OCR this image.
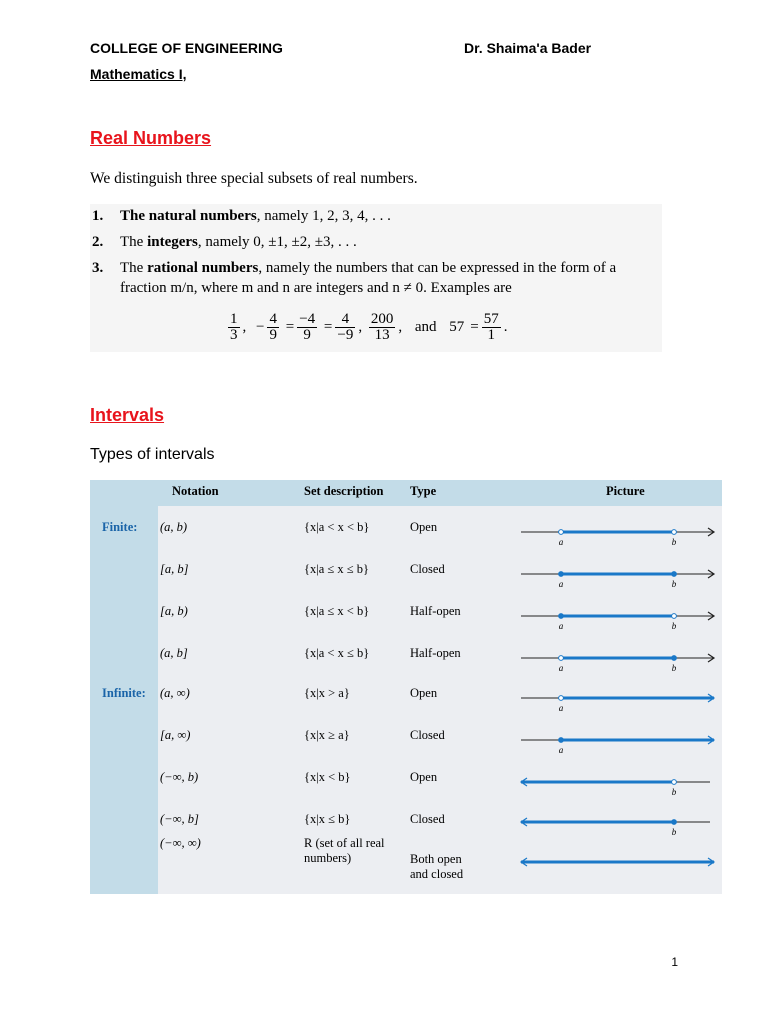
COLLEGE OF ENGINEERING	Dr. Shaima'a Bader
Mathematics I,
Real Numbers
We distinguish three special subsets of real numbers.
1. The natural numbers, namely 1, 2, 3, 4, . . .
2. The integers, namely 0, ±1, ±2, ±3, . . .
3. The rational numbers, namely the numbers that can be expressed in the form of a
fraction m/n, where m and n are integers and n ≠ 0. Examples are
$\frac{1}{3}$ , − $\frac{4}{9} = \frac{-4}{9} = \frac{4}{-9}$ , $\frac{200}{13}$ , and $57 = \frac{57}{1}$ .
Intervals
Types of intervals
Notation	Set description Type	Picture
Finite:
Infinite:
(a, b)	{x|a < x < b}	Open
a	b
[a, b]	{x|a ≤ x ≤ b}	Closed
a	b
[a, b)	{x|a ≤ x < b}	Half-open
a	b
(a, b]	{x|a < x ≤ b}	Half-open
a	b
(a, ∞)	{x|x > a}	Open
a
[a, ∞)	{x|x ≥ a}	Closed
a
(−∞, b)	{x|x < b}	Open
b
(−∞, b]	{x|x ≤ b}	Closed
b
(−∞, ∞)	R (set of all real
numbers)	Both open
and closed
1
